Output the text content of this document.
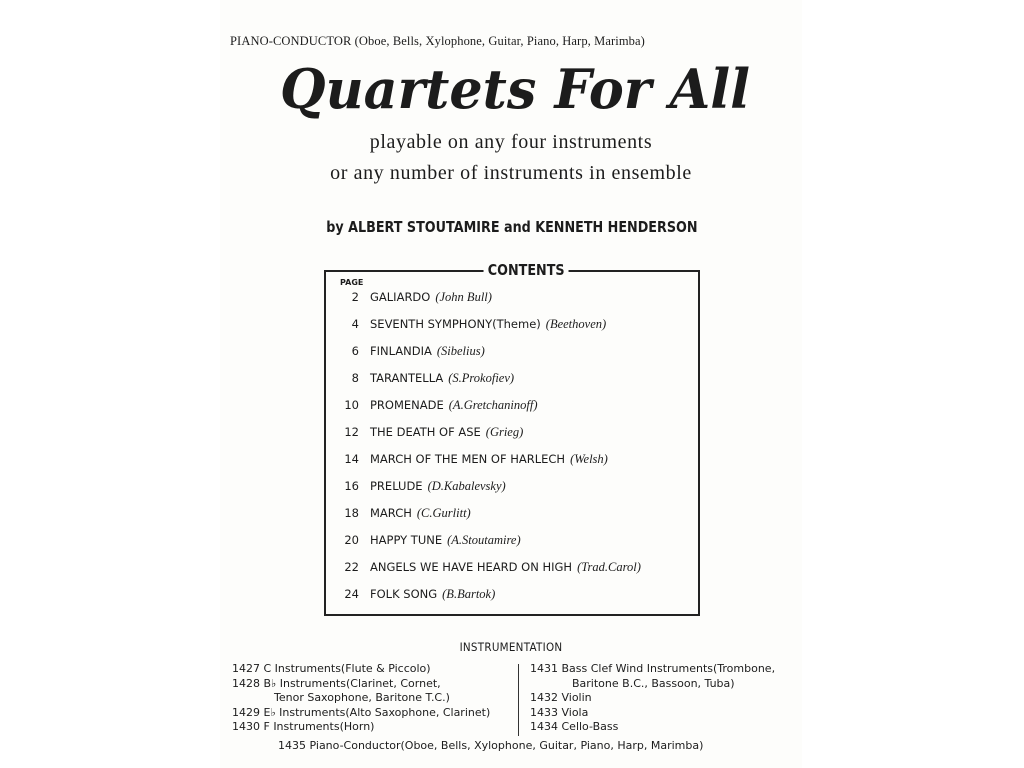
PIANO-CONDUCTOR (Oboe, Bells, Xylophone, Guitar, Piano, Harp, Marimba)
Quartets For All
playable on any four instruments
or any number of instruments in ensemble
by ALBERT STOUTAMIRE and KENNETH HENDERSON
CONTENTS
PAGE
2 GALIARDO (John Bull)
4 SEVENTH SYMPHONY(Theme) (Beethoven)
6 FINLANDIA (Sibelius)
8 TARANTELLA (S.Prokofiev)
10 PROMENADE (A.Gretchaninoff)
12 THE DEATH OF ASE (Grieg)
14 MARCH OF THE MEN OF HARLECH (Welsh)
16 PRELUDE (D.Kabalevsky)
18 MARCH (C.Gurlitt)
20 HAPPY TUNE (A.Stoutamire)
22 ANGELS WE HAVE HEARD ON HIGH (Trad.Carol)
24 FOLK SONG (B.Bartok)
INSTRUMENTATION
1427 C Instruments(Flute & Piccolo)
1428 B♭ Instruments(Clarinet, Cornet,
Tenor Saxophone, Baritone T.C.)
1429 E♭ Instruments(Alto Saxophone, Clarinet)
1430 F Instruments(Horn)
1431 Bass Clef Wind Instruments(Trombone,
Baritone B.C., Bassoon, Tuba)
1432 Violin
1433 Viola
1434 Cello-Bass
1435 Piano-Conductor(Oboe, Bells, Xylophone, Guitar, Piano, Harp, Marimba)
